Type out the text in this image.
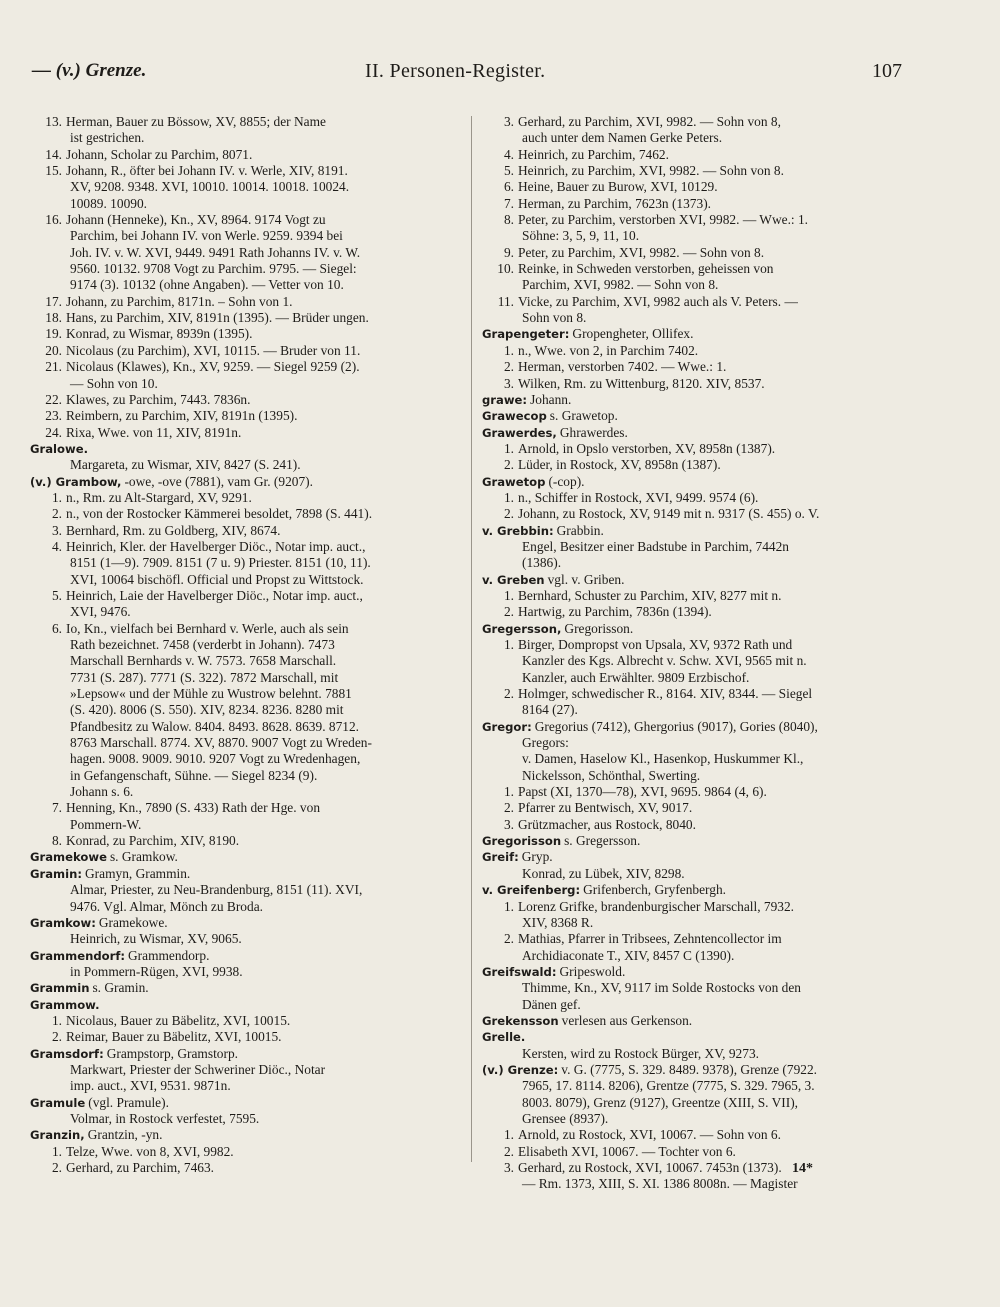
— (v.) Grenze.	II. Personen-Register.	107
13. Herman, Bauer zu Bössow, XV, 8855; der Name
ist gestrichen.
14. Johann, Scholar zu Parchim, 8071.
15. Johann, R., öfter bei Johann IV. v. Werle, XIV, 8191.
XV, 9208. 9348. XVI, 10010. 10014. 10018. 10024.
10089. 10090.
16. Johann (Henneke), Kn., XV, 8964. 9174 Vogt zu
Parchim, bei Johann IV. von Werle. 9259. 9394 bei
Joh. IV. v. W. XVI, 9449. 9491 Rath Johanns IV. v. W.
9560. 10132. 9708 Vogt zu Parchim. 9795. — Siegel:
9174 (3). 10132 (ohne Angaben). — Vetter von 10.
17. Johann, zu Parchim, 8171n. – Sohn von 1.
18. Hans, zu Parchim, XIV, 8191n (1395). — Brüder ungen.
19. Konrad, zu Wismar, 8939n (1395).
20. Nicolaus (zu Parchim), XVI, 10115. — Bruder von 11.
21. Nicolaus (Klawes), Kn., XV, 9259. — Siegel 9259 (2).
— Sohn von 10.
22. Klawes, zu Parchim, 7443. 7836n.
23. Reimbern, zu Parchim, XIV, 8191n (1395).
24. Rixa, Wwe. von 11, XIV, 8191n.
Gralowe.
Margareta, zu Wismar, XIV, 8427 (S. 241).
(v.) Grambow, -owe, -ove (7881), vam Gr. (9207).
1. n., Rm. zu Alt-Stargard, XV, 9291.
2. n., von der Rostocker Kämmerei besoldet, 7898 (S. 441).
3. Bernhard, Rm. zu Goldberg, XIV, 8674.
4. Heinrich, Kler. der Havelberger Diöc., Notar imp. auct.,
8151 (1—9). 7909. 8151 (7 u. 9) Priester. 8151 (10, 11).
XVI, 10064 bischöfl. Official und Propst zu Wittstock.
5. Heinrich, Laie der Havelberger Diöc., Notar imp. auct.,
XVI, 9476.
6. Io, Kn., vielfach bei Bernhard v. Werle, auch als sein
Rath bezeichnet. 7458 (verderbt in Johann). 7473
Marschall Bernhards v. W. 7573. 7658 Marschall.
7731 (S. 287). 7771 (S. 322). 7872 Marschall, mit
»Lepsow« und der Mühle zu Wustrow belehnt. 7881
(S. 420). 8006 (S. 550). XIV, 8234. 8236. 8280 mit
Pfandbesitz zu Walow. 8404. 8493. 8628. 8639. 8712.
8763 Marschall. 8774. XV, 8870. 9007 Vogt zu Wreden-
hagen. 9008. 9009. 9010. 9207 Vogt zu Wredenhagen,
in Gefangenschaft, Sühne. — Siegel 8234 (9).
Johann s. 6.
7. Henning, Kn., 7890 (S. 433) Rath der Hge. von
Pommern-W.
8. Konrad, zu Parchim, XIV, 8190.
Gramekowe s. Gramkow.
Gramin: Gramyn, Grammin.
Almar, Priester, zu Neu-Brandenburg, 8151 (11). XVI,
9476. Vgl. Almar, Mönch zu Broda.
Gramkow: Gramekowe.
Heinrich, zu Wismar, XV, 9065.
Grammendorf: Grammendorp.
in Pommern-Rügen, XVI, 9938.
Grammin s. Gramin.
Grammow.
1. Nicolaus, Bauer zu Bäbelitz, XVI, 10015.
2. Reimar, Bauer zu Bäbelitz, XVI, 10015.
Gramsdorf: Grampstorp, Gramstorp.
Markwart, Priester der Schweriner Diöc., Notar
imp. auct., XVI, 9531. 9871n.
Gramule (vgl. Pramule).
Volmar, in Rostock verfestet, 7595.
Granzin, Grantzin, -yn.
1. Telze, Wwe. von 8, XVI, 9982.
2. Gerhard, zu Parchim, 7463.
3. Gerhard, zu Parchim, XVI, 9982. — Sohn von 8,
auch unter dem Namen Gerke Peters.
4. Heinrich, zu Parchim, 7462.
5. Heinrich, zu Parchim, XVI, 9982. — Sohn von 8.
6. Heine, Bauer zu Burow, XVI, 10129.
7. Herman, zu Parchim, 7623n (1373).
8. Peter, zu Parchim, verstorben XVI, 9982. — Wwe.: 1.
Söhne: 3, 5, 9, 11, 10.
9. Peter, zu Parchim, XVI, 9982. — Sohn von 8.
10. Reinke, in Schweden verstorben, geheissen von
Parchim, XVI, 9982. — Sohn von 8.
11. Vicke, zu Parchim, XVI, 9982 auch als V. Peters. —
Sohn von 8.
Grapengeter: Gropengheter, Ollifex.
1. n., Wwe. von 2, in Parchim 7402.
2. Herman, verstorben 7402. — Wwe.: 1.
3. Wilken, Rm. zu Wittenburg, 8120. XIV, 8537.
grawe: Johann.
Grawecop s. Grawetop.
Grawerdes, Ghrawerdes.
1. Arnold, in Opslo verstorben, XV, 8958n (1387).
2. Lüder, in Rostock, XV, 8958n (1387).
Grawetop (-cop).
1. n., Schiffer in Rostock, XVI, 9499. 9574 (6).
2. Johann, zu Rostock, XV, 9149 mit n. 9317 (S. 455) o. V.
v. Grebbin: Grabbin.
Engel, Besitzer einer Badstube in Parchim, 7442n
(1386).
v. Greben vgl. v. Griben.
1. Bernhard, Schuster zu Parchim, XIV, 8277 mit n.
2. Hartwig, zu Parchim, 7836n (1394).
Gregersson, Gregorisson.
1. Birger, Dompropst von Upsala, XV, 9372 Rath und
Kanzler des Kgs. Albrecht v. Schw. XVI, 9565 mit n.
Kanzler, auch Erwählter. 9809 Erzbischof.
2. Holmger, schwedischer R., 8164. XIV, 8344. — Siegel
8164 (27).
Gregor: Gregorius (7412), Ghergorius (9017), Gories (8040),
Gregors:
v. Damen, Haselow Kl., Hasenkop, Huskummer Kl.,
Nickelsson, Schönthal, Swerting.
1. Papst (XI, 1370—78), XVI, 9695. 9864 (4, 6).
2. Pfarrer zu Bentwisch, XV, 9017.
3. Grützmacher, aus Rostock, 8040.
Gregorisson s. Gregersson.
Greif: Gryp.
Konrad, zu Lübek, XIV, 8298.
v. Greifenberg: Grifenberch, Gryfenbergh.
1. Lorenz Grifke, brandenburgischer Marschall, 7932.
XIV, 8368 R.
2. Mathias, Pfarrer in Tribsees, Zehntencollector im
Archidiaconate T., XIV, 8457 C (1390).
Greifswald: Gripeswold.
Thimme, Kn., XV, 9117 im Solde Rostocks von den
Dänen gef.
Grekensson verlesen aus Gerkenson.
Grelle.
Kersten, wird zu Rostock Bürger, XV, 9273.
(v.) Grenze: v. G. (7775, S. 329. 8489. 9378), Grenze (7922.
7965, 17. 8114. 8206), Grentze (7775, S. 329. 7965, 3.
8003. 8079), Grenz (9127), Greentze (XIII, S. VII),
Grensee (8937).
1. Arnold, zu Rostock, XVI, 10067. — Sohn von 6.
2. Elisabeth XVI, 10067. — Tochter von 6.
3. Gerhard, zu Rostock, XVI, 10067. 7453n (1373).
— Rm. 1373, XIII, S. XI. 1386 8008n. — Magister
14*
